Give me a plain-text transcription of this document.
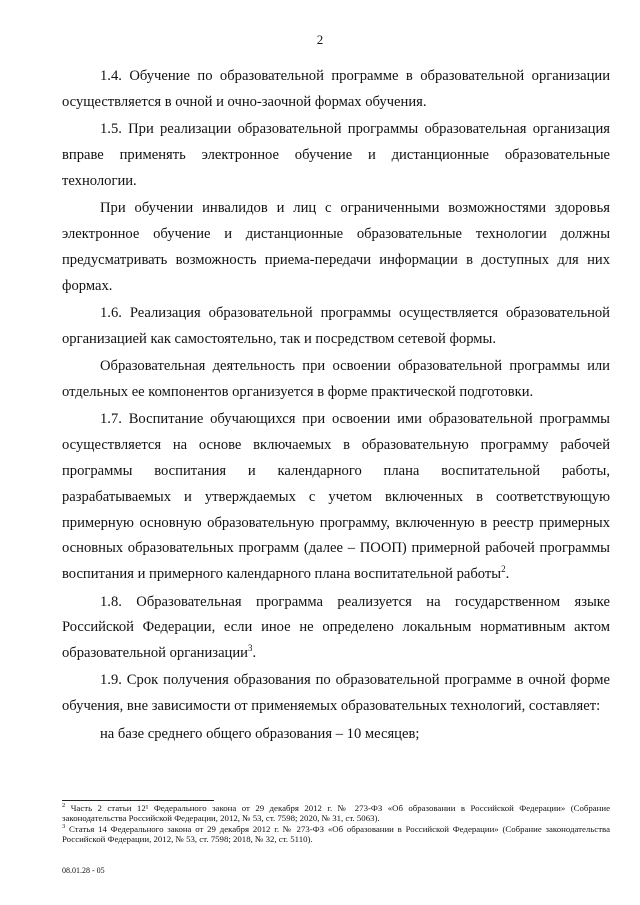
2

1.4. Обучение по образовательной программе в образовательной организации осуществляется в очной и очно-заочной формах обучения.

1.5. При реализации образовательной программы образовательная организация вправе применять электронное обучение и дистанционные образовательные технологии.

При обучении инвалидов и лиц с ограниченными возможностями здоровья электронное обучение и дистанционные образовательные технологии должны предусматривать возможность приема-передачи информации в доступных для них формах.

1.6. Реализация образовательной программы осуществляется образовательной организацией как самостоятельно, так и посредством сетевой формы.

Образовательная деятельность при освоении образовательной программы или отдельных ее компонентов организуется в форме практической подготовки.

1.7. Воспитание обучающихся при освоении ими образовательной программы осуществляется на основе включаемых в образовательную программу рабочей программы воспитания и календарного плана воспитательной работы, разрабатываемых и утверждаемых с учетом включенных в соответствующую примерную основную образовательную программу, включенную в реестр примерных основных образовательных программ (далее – ПООП) примерной рабочей программы воспитания и примерного календарного плана воспитательной работы$^2$.

1.8. Образовательная программа реализуется на государственном языке Российской Федерации, если иное не определено локальным нормативным актом образовательной организации$^3$.

1.9. Срок получения образования по образовательной программе в очной форме обучения, вне зависимости от применяемых образовательных технологий, составляет:

на базе среднего общего образования – 10 месяцев;

$^2$ Часть 2 статьи 12¹ Федерального закона от 29 декабря 2012 г. № 273-ФЗ «Об образовании в Российской Федерации» (Собрание законодательства Российской Федерации, 2012, № 53, ст. 7598; 2020, № 31, ст. 5063).

$^3$ Статья 14 Федерального закона от 29 декабря 2012 г. № 273-ФЗ «Об образовании в Российской Федерации» (Собрание законодательства Российской Федерации, 2012, № 53, ст. 7598; 2018, № 32, ст. 5110).

08.01.28 - 05
